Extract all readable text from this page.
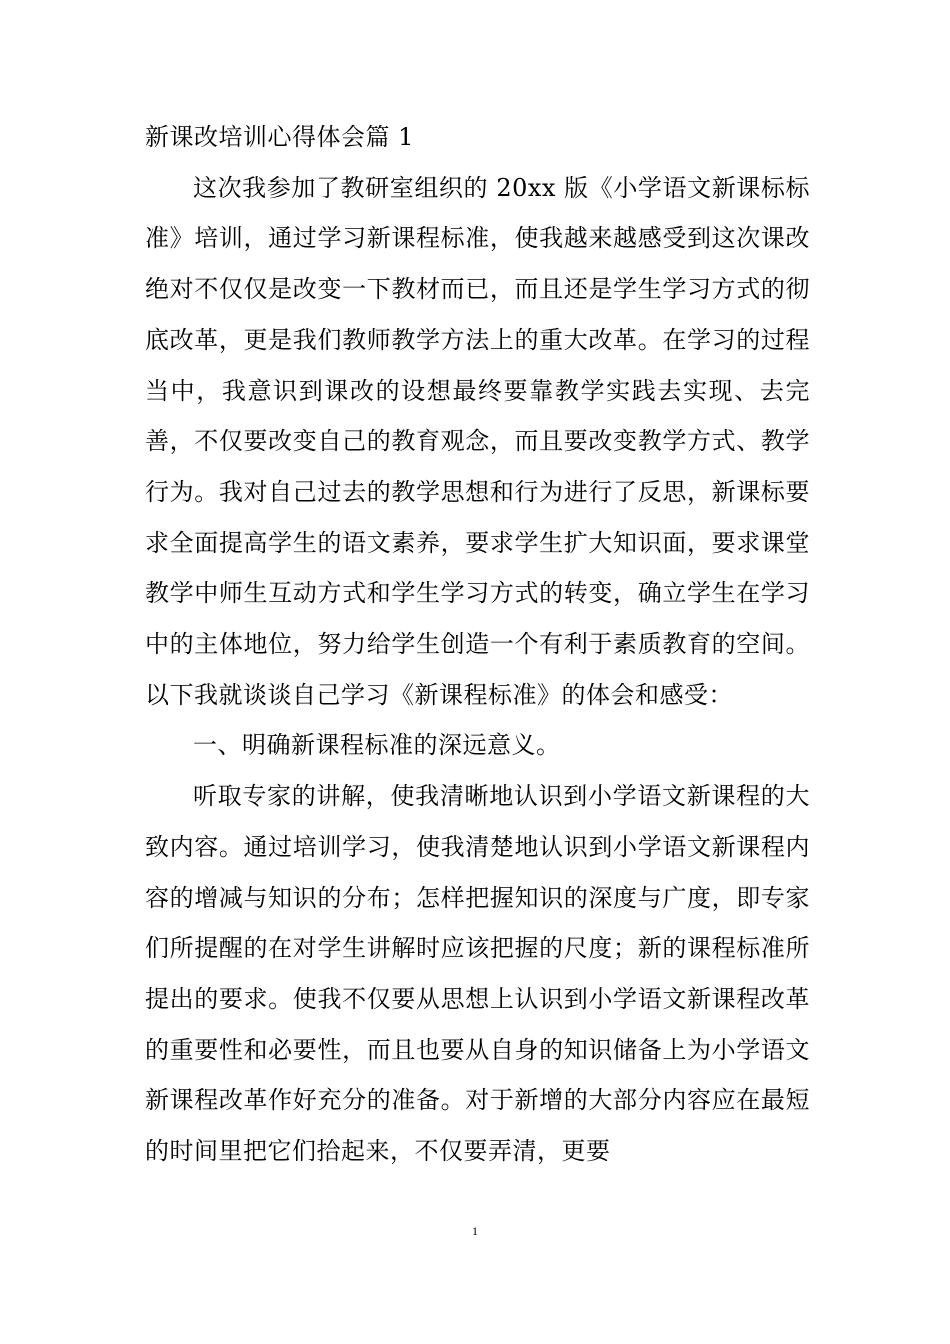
新课改培训心得体会篇 1

这次我参加了教研室组织的 20xx 版《小学语文新课标标准》培训，通过学习新课程标准，使我越来越感受到这次课改绝对不仅仅是改变一下教材而已，而且还是学生学习方式的彻底改革，更是我们教师教学方法上的重大改革。在学习的过程当中，我意识到课改的设想最终要靠教学实践去实现、去完善，不仅要改变自己的教育观念，而且要改变教学方式、教学行为。我对自己过去的教学思想和行为进行了反思，新课标要求全面提高学生的语文素养，要求学生扩大知识面，要求课堂教学中师生互动方式和学生学习方式的转变，确立学生在学习中的主体地位，努力给学生创造一个有利于素质教育的空间。以下我就谈谈自己学习《新课程标准》的体会和感受：

一、明确新课程标准的深远意义。

听取专家的讲解，使我清晰地认识到小学语文新课程的大致内容。通过培训学习，使我清楚地认识到小学语文新课程内容的增减与知识的分布；怎样把握知识的深度与广度，即专家们所提醒的在对学生讲解时应该把握的尺度；新的课程标准所提出的要求。使我不仅要从思想上认识到小学语文新课程改革的重要性和必要性，而且也要从自身的知识储备上为小学语文新课程改革作好充分的准备。对于新增的大部分内容应在最短的时间里把它们拾起来，不仅要弄清，更要

1
